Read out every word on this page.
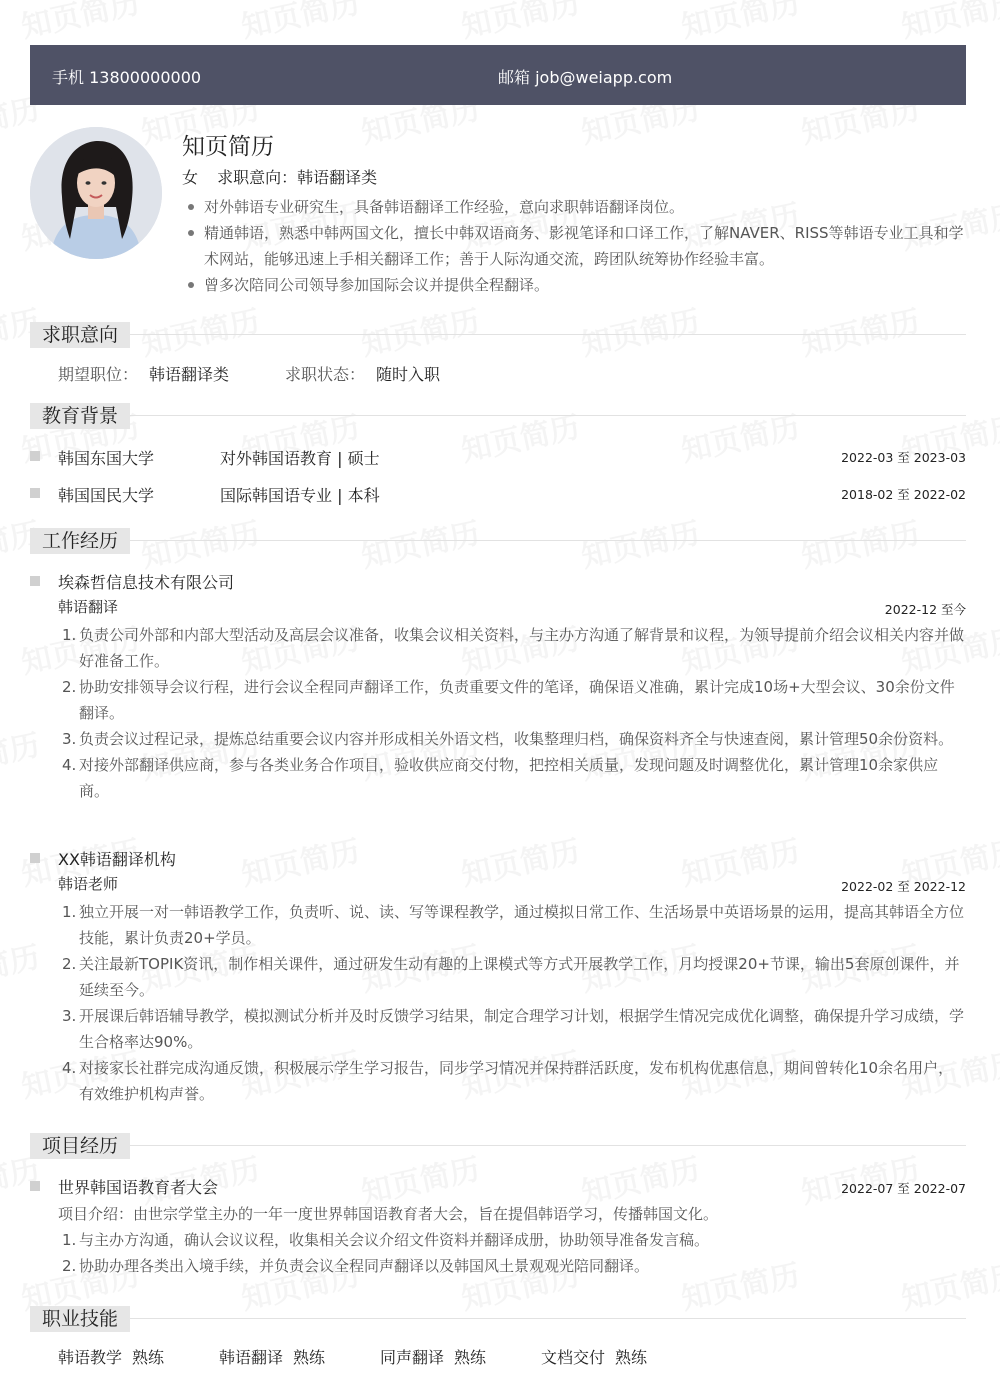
手机 13800000000	邮箱 job@weiapp.com
知页简历
女 求职意向：韩语翻译类
对外韩语专业研究生，具备韩语翻译工作经验，意向求职韩语翻译岗位。
精通韩语，熟悉中韩两国文化，擅长中韩双语商务、影视笔译和口译工作，了解NAVER、RISS等韩语专业工具和学术网站，能够迅速上手相关翻译工作；善于人际沟通交流，跨团队统筹协作经验丰富。
曾多次陪同公司领导参加国际会议并提供全程翻译。
求职意向
期望职位： 韩语翻译类	求职状态： 随时入职
教育背景
韩国东国大学	对外韩国语教育 | 硕士	2022-03 至 2023-03
韩国国民大学	国际韩国语专业 | 本科	2018-02 至 2022-02
工作经历
埃森哲信息技术有限公司
韩语翻译	2022-12 至今
1. 负责公司外部和内部大型活动及高层会议准备，收集会议相关资料，与主办方沟通了解背景和议程，为领导提前介绍会议相关内容并做好准备工作。
2. 协助安排领导会议行程，进行会议全程同声翻译工作，负责重要文件的笔译，确保语义准确，累计完成10场+大型会议、30余份文件翻译。
3. 负责会议过程记录，提炼总结重要会议内容并形成相关外语文档，收集整理归档，确保资料齐全与快速查阅，累计管理50余份资料。
4. 对接外部翻译供应商，参与各类业务合作项目，验收供应商交付物，把控相关质量，发现问题及时调整优化，累计管理10余家供应商。
XX韩语翻译机构
韩语老师	2022-02 至 2022-12
1. 独立开展一对一韩语教学工作，负责听、说、读、写等课程教学，通过模拟日常工作、生活场景中英语场景的运用，提高其韩语全方位技能，累计负责20+学员。
2. 关注最新TOPIK资讯，制作相关课件，通过研发生动有趣的上课模式等方式开展教学工作，月均授课20+节课，输出5套原创课件，并延续至今。
3. 开展课后韩语辅导教学，模拟测试分析并及时反馈学习结果，制定合理学习计划，根据学生情况完成优化调整，确保提升学习成绩，学生合格率达90%。
4. 对接家长社群完成沟通反馈，积极展示学生学习报告，同步学习情况并保持群活跃度，发布机构优惠信息，期间曾转化10余名用户，有效维护机构声誉。
项目经历
世界韩国语教育者大会	2022-07 至 2022-07
项目介绍：由世宗学堂主办的一年一度世界韩国语教育者大会，旨在提倡韩语学习，传播韩国文化。
1. 与主办方沟通，确认会议议程，收集相关会议介绍文件资料并翻译成册，协助领导准备发言稿。
2. 协助办理各类出入境手续，并负责会议全程同声翻译以及韩国风土景观观光陪同翻译。
职业技能
韩语教学 熟练	韩语翻译 熟练	同声翻译 熟练	文档交付 熟练
